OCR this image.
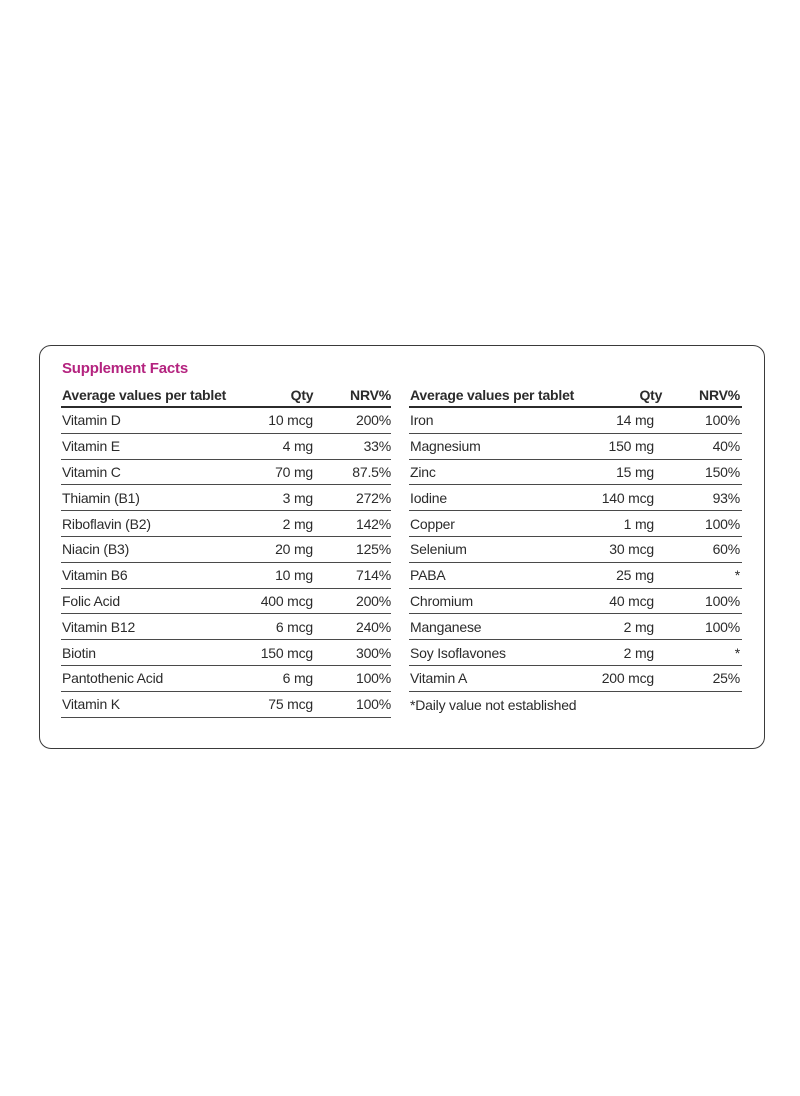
Supplement Facts
Average values per tablet	Qty	NRV%
Vitamin D	10 mcg	200%
Vitamin E	4 mg	33%
Vitamin C	70 mg	87.5%
Thiamin (B1)	3 mg	272%
Riboflavin (B2)	2 mg	142%
Niacin (B3)	20 mg	125%
Vitamin B6	10 mg	714%
Folic Acid	400 mcg	200%
Vitamin B12	6 mcg	240%
Biotin	150 mcg	300%
Pantothenic Acid	6 mg	100%
Vitamin K	75 mcg	100%
Average values per tablet	Qty	NRV%
Iron	14 mg	100%
Magnesium	150 mg	40%
Zinc	15 mg	150%
Iodine	140 mcg	93%
Copper	1 mg	100%
Selenium	30 mcg	60%
PABA	25 mg	*
Chromium	40 mcg	100%
Manganese	2 mg	100%
Soy Isoflavones	2 mg	*
Vitamin A	200 mcg	25%
*Daily value not established
